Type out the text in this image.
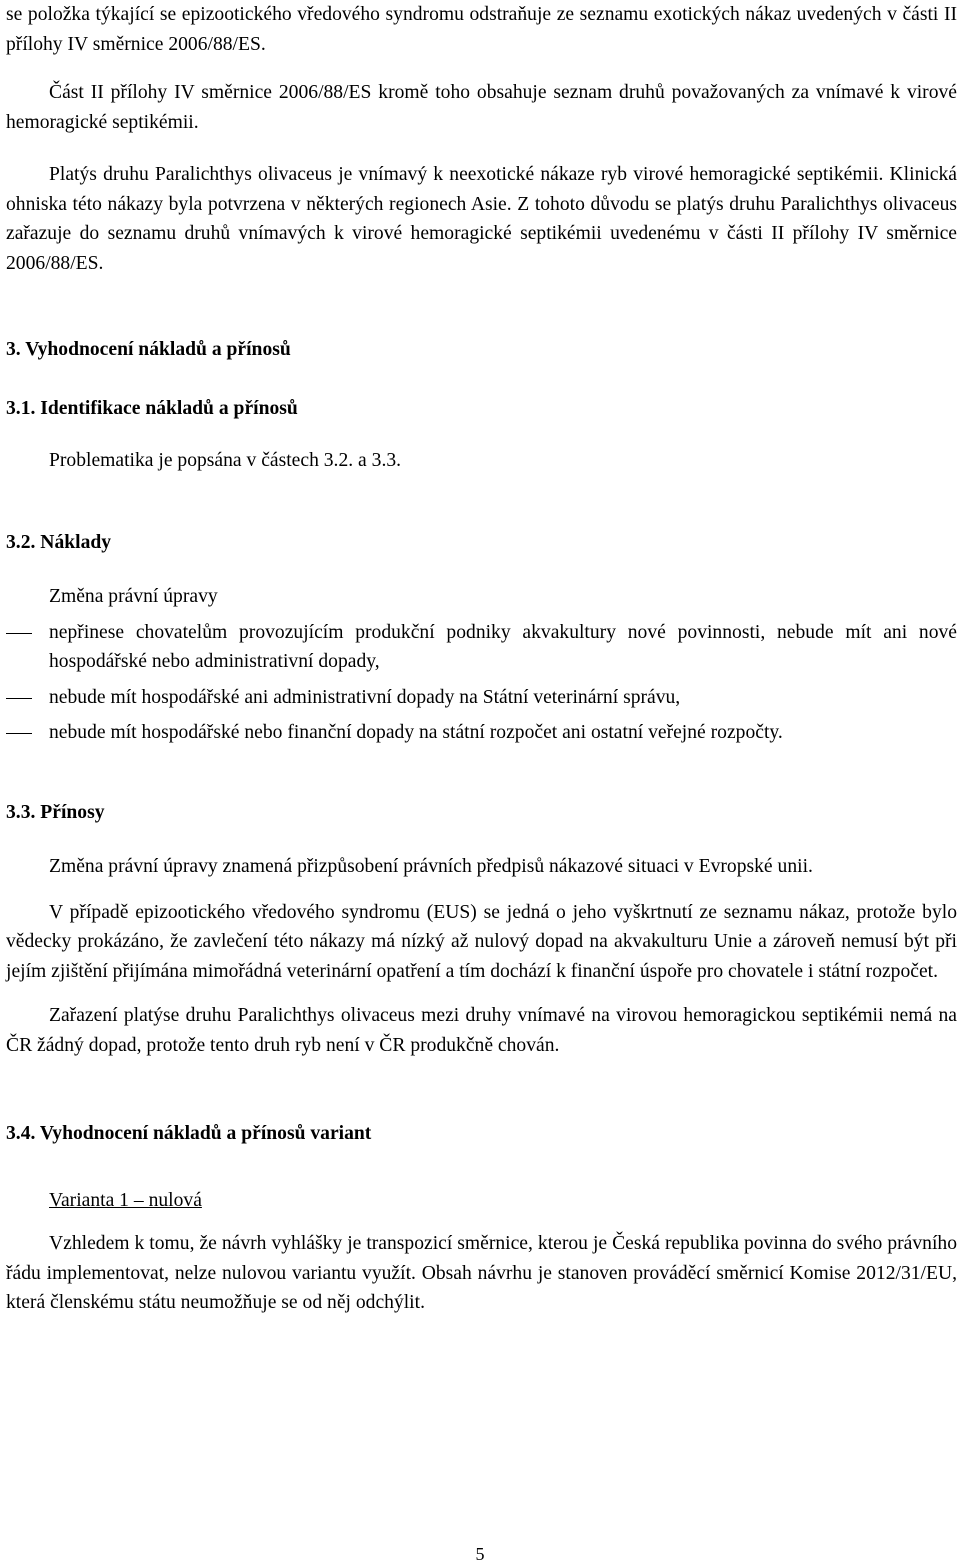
se položka týkající se epizootického vředového syndromu odstraňuje ze seznamu exotických nákaz uvedených v části II přílohy IV směrnice 2006/88/ES.

Část II přílohy IV směrnice 2006/88/ES kromě toho obsahuje seznam druhů považovaných za vnímavé k virové hemoragické septikémii.

Platýs druhu Paralichthys olivaceus je vnímavý k neexotické nákaze ryb virové hemoragické septikémii. Klinická ohniska této nákazy byla potvrzena v některých regionech Asie. Z tohoto důvodu se platýs druhu Paralichthys olivaceus zařazuje do seznamu druhů vnímavých k virové hemoragické septikémii uvedenému v části II přílohy IV směrnice 2006/88/ES.

3. Vyhodnocení nákladů a přínosů
3.1. Identifikace nákladů a přínosů
Problematika je popsána v částech 3.2. a 3.3.
3.2. Náklady
Změna právní úpravy
nepřinese chovatelům provozujícím produkční podniky akvakultury nové povinnosti, nebude mít ani nové hospodářské nebo administrativní dopady,
nebude mít hospodářské ani administrativní dopady na Státní veterinární správu,
nebude mít hospodářské nebo finanční dopady na státní rozpočet ani ostatní veřejné rozpočty.
3.3. Přínosy

Změna právní úpravy znamená přizpůsobení právních předpisů nákazové situaci v Evropské unii.

V případě epizootického vředového syndromu (EUS) se jedná o jeho vyškrtnutí ze seznamu nákaz, protože bylo vědecky prokázáno, že zavlečení této nákazy má nízký až nulový dopad na akvakulturu Unie a zároveň nemusí být při jejím zjištění přijímána mimořádná veterinární opatření a tím dochází k finanční úspoře pro chovatele i státní rozpočet.

Zařazení platýse druhu Paralichthys olivaceus mezi druhy vnímavé na virovou hemoragickou septikémii nemá na ČR žádný dopad, protože tento druh ryb není v ČR produkčně chován.

3.4. Vyhodnocení nákladů a přínosů variant
Varianta 1 – nulová

Vzhledem k tomu, že návrh vyhlášky je transpozicí směrnice, kterou je Česká republika povinna do svého právního řádu implementovat, nelze nulovou variantu využít. Obsah návrhu je stanoven prováděcí směrnicí Komise 2012/31/EU, která členskému státu neumožňuje se od něj odchýlit.

5
